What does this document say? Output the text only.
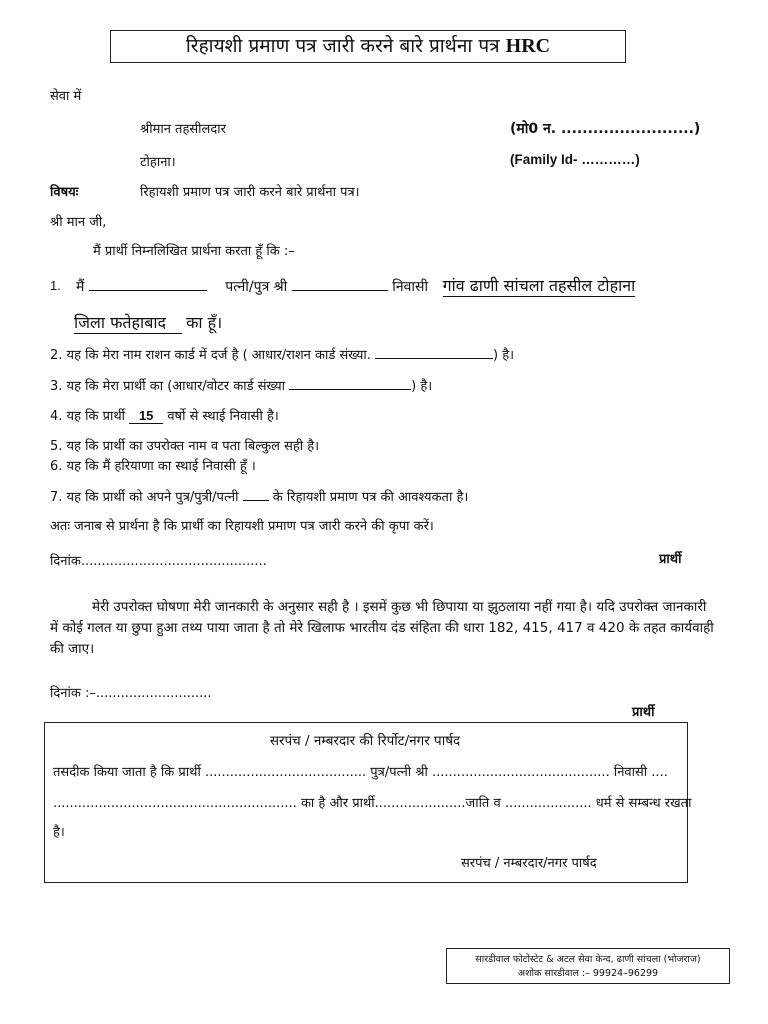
रिहायशी प्रमाण पत्र जारी करने बारे प्रार्थना पत्र HRC
सेवा में
श्रीमान तहसीलदार	(मो0 न. .........................)
टोहाना।	(Family Id- …………)
विषयः	रिहायशी प्रमाण पत्र जारी करने बारे प्रार्थना पत्र।
श्री मान जी,
मैं प्रार्थी निम्नलिखित प्रार्थना करता हूँ कि :–
1. मैं	पत्नी/पुत्र श्री	निवासी गांव ढाणी सांचला तहसील टोहाना
जिला फतेहाबाद का हूँ।
2. यह कि मेरा नाम राशन कार्ड में दर्ज है ( आधार/राशन कार्ड संख्या.	) है।
3. यह कि मेरा प्रार्थी का (आधार/वोटर कार्ड संख्या	) है।
4. यह कि प्रार्थी 15 वर्षो से स्थाई निवासी है।
5. यह कि प्रार्थी का उपरोक्त नाम व पता बिल्कुल सही है।
6. यह कि मैं हरियाणा का स्थाई निवासी हूँ ।
7. यह कि प्रार्थी को अपने पुत्र/पुत्री/पत्नी	के रिहायशी प्रमाण पत्र की आवश्यकता है।
अतः जनाब से प्रार्थना है कि प्रार्थी का रिहायशी प्रमाण पत्र जारी करने की कृपा करें।
दिनांक.............................................	प्रार्थी
मेरी उपरोक्त घोषणा मेरी जानकारी के अनुसार सही है । इसमें कुछ भी छिपाया या झुठलाया नहीं गया है। यदि उपरोक्त जानकारी में कोई गलत या छुपा हुआ तथ्य पाया जाता है तो मेरे खिलाफ भारतीय दंड संहिता की धारा 182, 415, 417 व 420 के तहत कार्यवाही की जाए।
दिनांक :–............................
प्रार्थी
सरपंच / नम्बरदार की रिर्पोट/नगर पार्षद
तसदीक किया जाता है कि प्रार्थी ....................................... पुत्र/पत्नी श्री ........................................... निवासी ....
........................................................... का है और प्रार्थी......................जाति व ..................... धर्म से सम्बन्ध रखता
है।
सरपंच / नम्बरदार/नगर पार्षद
सारडीवाल फोटोस्टेट & अटल सेवा केन्द, ढाणी सांचला (भोजराज)
अशोक सारडीवाल :– 99924–96299
